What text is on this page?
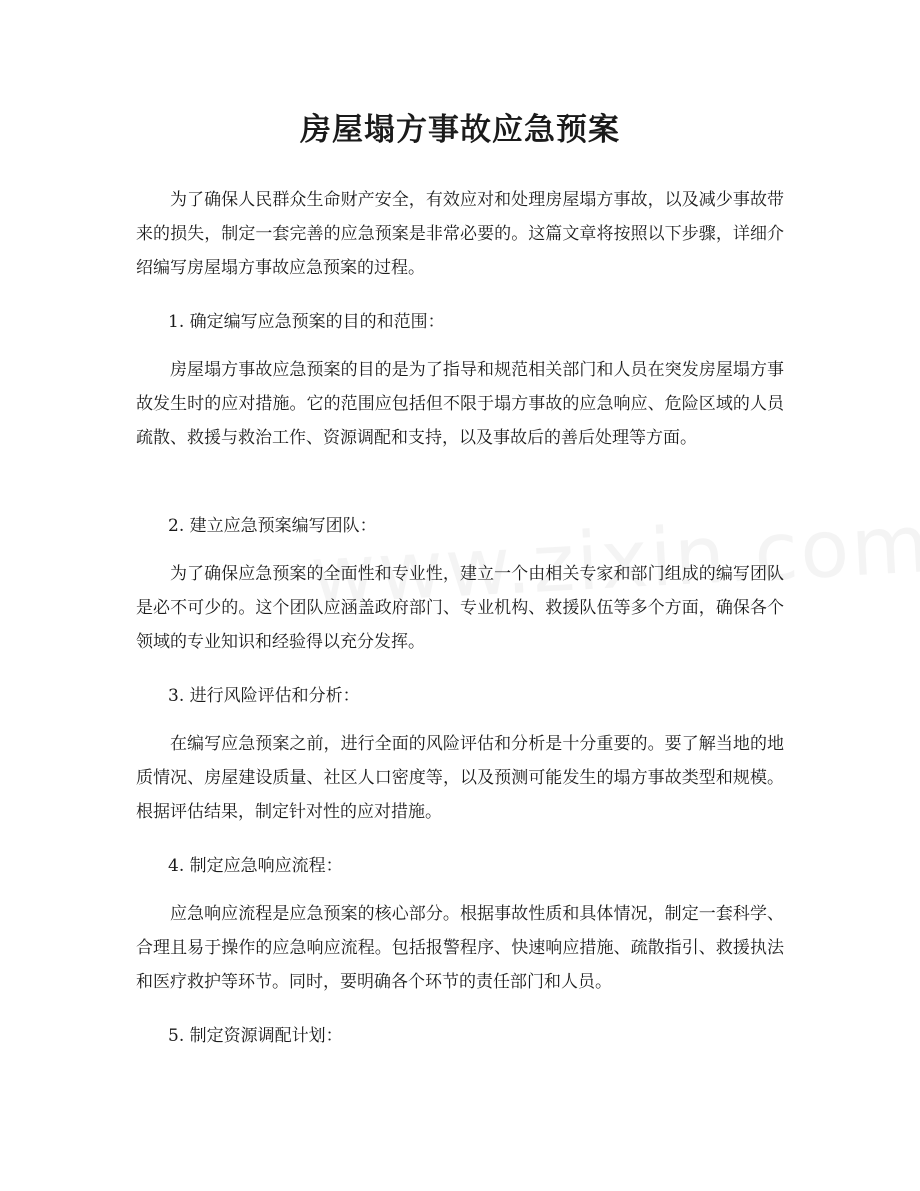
房屋塌方事故应急预案

为了确保人民群众生命财产安全，有效应对和处理房屋塌方事故，以及减少事故带来的损失，制定一套完善的应急预案是非常必要的。这篇文章将按照以下步骤，详细介绍编写房屋塌方事故应急预案的过程。

1. 确定编写应急预案的目的和范围：

房屋塌方事故应急预案的目的是为了指导和规范相关部门和人员在突发房屋塌方事故发生时的应对措施。它的范围应包括但不限于塌方事故的应急响应、危险区域的人员疏散、救援与救治工作、资源调配和支持，以及事故后的善后处理等方面。

2. 建立应急预案编写团队：

为了确保应急预案的全面性和专业性，建立一个由相关专家和部门组成的编写团队是必不可少的。这个团队应涵盖政府部门、专业机构、救援队伍等多个方面，确保各个领域的专业知识和经验得以充分发挥。

3. 进行风险评估和分析：

在编写应急预案之前，进行全面的风险评估和分析是十分重要的。要了解当地的地质情况、房屋建设质量、社区人口密度等，以及预测可能发生的塌方事故类型和规模。根据评估结果，制定针对性的应对措施。

4. 制定应急响应流程：

应急响应流程是应急预案的核心部分。根据事故性质和具体情况，制定一套科学、合理且易于操作的应急响应流程。包括报警程序、快速响应措施、疏散指引、救援执法和医疗救护等环节。同时，要明确各个环节的责任部门和人员。

5. 制定资源调配计划：
